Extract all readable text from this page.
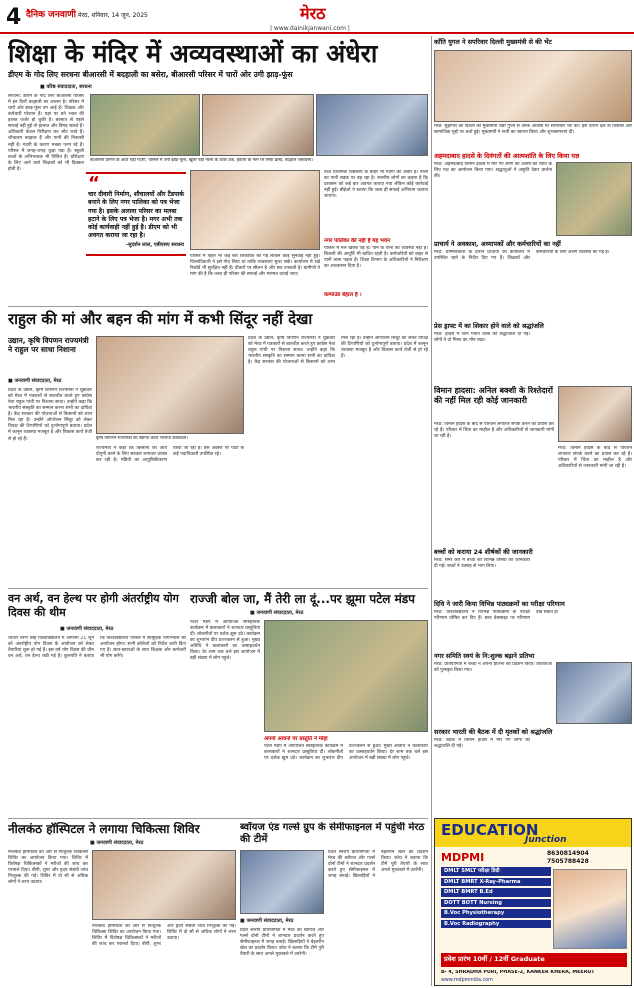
4 दैनिक जनवाणी मेरठ, शनिवार, 14 जून, 2025	मेरठ
| www.dainikjanwani.com |
शिक्षा के मंदिर में अव्यवस्थाओं का अंधेरा
डीएम के गोद लिए सरधना बीआरसी में बदहाली का बसेरा, बीआरसी परिसर में चारों ओर उगी झाड़-फूंस
■ वरिष्ठ संवाददाता, सरधना
सरधना: डीएम के गोद लिए बीआरसी परिसर में इन दिनों बदहाली का आलम है। परिसर में चारों ओर झाड़-फूंस उग आई है। शिक्षक और कर्मचारी परेशान हैं। यहां पर बने भवन की हालत जर्जर हो चुकी है। बरसात से पहले सफाई नहीं हुई तो हालात और बिगड़ सकते हैं। अधिकारी केवल निरीक्षण कर लौट जाते हैं। शौचालय बदहाल हैं और पानी की निकासी नहीं है। गंदगी के कारण मच्छर पनप रहे हैं। परिसर में जगह-जगह कूड़ा पड़ा है। स्कूली बच्चों के अभिभावक भी चिंतित हैं। प्रशिक्षण के लिए आने वाले शिक्षकों को भी दिक्कत होती है।
बीआरसी प्रांगण के अंदर पड़ी गंदगी, परिसर में उगी झाड़-फूंस, खुली पड़ी नाली के ऊपर टैंक, हैंडपंप के नाम पर सिर्फ ढांचा, बदहाल शौचालय।
“
चार दीवारी निर्माण, शौचालयों और टैंडपार्क बनाने के लिए नगर पालिका को पत्र भेजा गया है। इसके अलावा परिसर का मलबा हटाने के लिए पत्र भेजा है। मगर अभी तक कोई कार्यवाही नहीं हुई है। डीएम को भी अवगत कराया जा रहा है।
-सुदर्शन लाल, एबीएसए सरधना
परिसर में पहले भी कई बार शिकायत की गई लेकिन कोई सुनवाई नहीं हुई। जिलाधिकारी ने इसे गोद लिया था ताकि व्यवस्थाएं सुधर सकें। कार्यालय में रखे रिकॉर्ड भी सुरक्षित नहीं हैं। दीवारों पर सीलन है और छत टपकती है। ग्रामीणों ने मांग की है कि जल्द ही परिसर की सफाई और मरम्मत कराई जाए।
उच्च प्राथमिक विद्यालय के बाहर भी गंदगी का अंबार है। नाली का पानी सड़क पर बह रहा है। स्थानीय लोगों का कहना है कि प्रशासन को कई बार अवगत कराया गया लेकिन कोई कार्रवाई नहीं हुई। बीईओ ने बताया कि जल्द ही सफाई अभियान चलाया जाएगा।
नगर पालिका की नहीं है यह भवन
परिसर में नल खराब पड़े हैं। पीने के पानी की व्यवस्था नहीं है। बिजली की आपूर्ति भी बाधित रहती है। कर्मचारियों को बाहर से पानी लाना पड़ता है। शिक्षा विभाग के अधिकारियों ने निरीक्षण का आश्वासन दिया है।
कम्पाउंड बेहाल है ।
राहुल की मां और बहन की मांग में कभी सिंदूर नहीं देखा
उद्यान, कृषि विपणन राज्यमंत्री ने राहुल पर साधा निशाना
■ जनवाणी संवाददाता, मेरठ
प्रदेश के उद्यान, कृषि विपणन राज्यमंत्री ने शुक्रवार को मेरठ में पत्रकारों से बातचीत करते हुए कांग्रेस नेता राहुल गांधी पर निशाना साधा। उन्होंने कहा कि भारतीय संस्कृति का सम्मान करना सभी का दायित्व है। केंद्र सरकार की योजनाओं से किसानों को लाभ मिल रहा है। उन्होंने ऑपरेशन सिंदूर को लेकर विपक्ष की टिप्पणियों को दुर्भाग्यपूर्ण बताया। प्रदेश में कानून व्यवस्था मजबूत है और विकास कार्य तेजी से हो रहे हैं।	कृषि विपणन राज्यमंत्री का स्वागत करते भाजपा कार्यकर्ता।
राज्यमंत्री ने कहा कि किसानों की आय दोगुनी करने के लिए सरकार लगातार प्रयास कर रही है। मंडियों का आधुनिकीकरण किया जा रहा है। इस अवसर पर पार्टी के कई पदाधिकारी उपस्थित रहे।
प्रदेश के उद्यान, कृषि विपणन राज्यमंत्री ने शुक्रवार को मेरठ में पत्रकारों से बातचीत करते हुए कांग्रेस नेता राहुल गांधी पर निशाना साधा। उन्होंने कहा कि भारतीय संस्कृति का सम्मान करना सभी का दायित्व है। केंद्र सरकार की योजनाओं से किसानों को लाभ मिल रहा है। उन्होंने ऑपरेशन सिंदूर को लेकर विपक्ष की टिप्पणियों को दुर्भाग्यपूर्ण बताया। प्रदेश में कानून व्यवस्था मजबूत है और विकास कार्य तेजी से हो रहे हैं।
वन अर्थ, वन हेल्थ पर होगी अंतर्राष्ट्रीय योग दिवस की थीम
■ जनवाणी संवाददाता, मेरठ
चौधरी चरण सिंह विश्वविद्यालय में आगामी 21 जून को अंतर्राष्ट्रीय योग दिवस के आयोजन को लेकर तैयारियां शुरू हो गई हैं। इस वर्ष योग दिवस की थीम वन अर्थ, वन हेल्थ रखी गई है। कुलपति ने बताया कि विश्वविद्यालय परिसर में सामूहिक योगाभ्यास का आयोजन होगा। सभी कॉलेजों को निर्देश जारी किए गए हैं। छात्र-छात्राओं के साथ शिक्षक और कर्मचारी भी योग करेंगे।
राज्जी बोल जा, मैं तेरी ला दूं...पर झूमा पटेल मंडप
■ जनवाणी संवाददाता, मेरठ
पटेल मंडप में आयोजित सांस्कृतिक कार्यक्रम में कलाकारों ने शानदार प्रस्तुतियां दीं। लोकगीतों पर दर्शक झूम उठे। कार्यक्रम का शुभारंभ दीप प्रज्ज्वलन से हुआ। मुख्य अतिथि ने कलाकारों का उत्साहवर्धन किया। देर शाम तक चले इस आयोजन में बड़ी संख्या में लोग पहुंचे।
अपनों आवनों पर प्रस्तुति ने मोहा
पटेल मंडप में आयोजित सांस्कृतिक कार्यक्रम में कलाकारों ने शानदार प्रस्तुतियां दीं। लोकगीतों पर दर्शक झूम उठे। कार्यक्रम का शुभारंभ दीप प्रज्ज्वलन से हुआ। मुख्य अतिथि ने कलाकारों का उत्साहवर्धन किया। देर शाम तक चले इस आयोजन में बड़ी संख्या में लोग पहुंचे।
नीलकंठ हॉस्पिटल ने लगाया चिकित्सा शिविर
■ जनवाणी संवाददाता, मेरठ
नीलकंठ हॉस्पिटल की ओर से निःशुल्क चिकित्सा शिविर का आयोजन किया गया। शिविर में विशेषज्ञ चिकित्सकों ने मरीजों की जांच कर परामर्श दिया। बीपी, शुगर और हृदय संबंधी जांच निःशुल्क की गई। शिविर में दो सौ से अधिक लोगों ने लाभ उठाया।
नीलकंठ हॉस्पिटल की ओर से निःशुल्क चिकित्सा शिविर का आयोजन किया गया। शिविर में विशेषज्ञ चिकित्सकों ने मरीजों की जांच कर परामर्श दिया। बीपी, शुगर और हृदय संबंधी जांच निःशुल्क की गई। शिविर में दो सौ से अधिक लोगों ने लाभ उठाया।
ब्वॉयज एंड गर्ल्स ग्रुप के सेमीफाइनल में पहुंची मेरठ की टीमें
■ जनवाणी संवाददाता, मेरठ
प्रदेश स्तरीय प्रतियोगिता में मेरठ की ब्वॉयज और गर्ल्स दोनों टीमों ने शानदार प्रदर्शन करते हुए सेमीफाइनल में जगह बनाई। खिलाड़ियों ने बेहतरीन खेल का प्रदर्शन किया। कोच ने बताया कि टीमें पूरी तैयारी के साथ अगले मुकाबले में उतरेंगी।
प्रदेश स्तरीय प्रतियोगिता में मेरठ की ब्वॉयज और गर्ल्स दोनों टीमों ने शानदार प्रदर्शन करते हुए सेमीफाइनल में जगह बनाई। खिलाड़ियों ने बेहतरीन खेल का प्रदर्शन किया। कोच ने बताया कि टीमें पूरी तैयारी के साथ अगले मुकाबले में उतरेंगी।
काँति युगल ने सपरिवार दिल्ली मुख्यमंत्री से की भेंट
मेरठ: सुहागल की दिल्ली की मुख्यमंत्री रेखा गुप्ता से उनके आवास पर सपरिवार भेंट की। इस दौरान क्षेत्र के विकास और सामाजिक मुद्दों पर चर्चा हुई। मुख्यमंत्री ने सभी का स्वागत किया और शुभकामनाएं दीं।
अहमदाबाद हादसे के दिवंगतों की आत्मशांति के लिए किया यज्ञ
मेरठ: अहमदाबाद विमान हादसे में मारे गए लोगों की आत्मा की शांति के लिए यज्ञ का आयोजन किया गया। श्रद्धालुओं ने आहुति देकर प्रार्थना की।
प्राचार्य ने अवकाश, अध्यापकों और कर्मचारियों का नहीं
मेरठ: ग्रीष्मावकाश के दौरान प्राचार्यों को कार्यालय में उपस्थित रहने के निर्देश दिए गए हैं। शिक्षकों और कर्मचारियों के लिए अलग व्यवस्था की गई है।
प्रेस ड्राफ्ट में का शिकार होने वाले को श्रद्धांजलि
मेरठ: हादसे में जान गंवाने वालों को श्रद्धांजलि दी गई। लोगों ने दो मिनट का मौन रखा।
विमान हादसा: अनिल बक्शी के रिश्तेदारों की नहीं मिल रही कोई जानकारी
मेरठ: विमान हादसे के बाद से परिजन लगातार संपर्क करने का प्रयास कर रहे हैं। परिवार में चिंता का माहौल है और अधिकारियों से जानकारी मांगी जा रही है।
मेरठ: विमान हादसे के बाद से परिजन लगातार संपर्क करने का प्रयास कर रहे हैं। परिवार में चिंता का माहौल है और अधिकारियों से जानकारी मांगी जा रही है।
बच्चों को कराया 24 शीर्षकों की जानकारी
मेरठ: समर कैंप में बच्चों को विभिन्न विषयों की जानकारी दी गई। बच्चों ने उत्साह से भाग लिया।
दिवि ने जारी किया विभिन्न पाठ्यक्रमों का परीक्षा परिणाम
मेरठ: विश्वविद्यालय ने विभिन्न पाठ्यक्रमों के परीक्षा परिणाम घोषित कर दिए हैं। छात्र वेबसाइट पर परिणाम देख सकते हैं।
नगर समिति स्वयं के नि:शुल्क बढ़ाने प्रतिभा
मेरठ: प्रतियोगिता में बच्चों ने अपनी प्रतिभा का प्रदर्शन किया। विजेताओं को पुरस्कृत किया गया।
सरकार भारती की बैठक में दी मृतकों को श्रद्धांजलि
मेरठ: बैठक में विमान हादसे में मारे गए लोगों को श्रद्धांजलि दी गई।
EDUCATION
Junction
MDPMI	8630814904
7505788428
DMLT SMLT परीक्षा डिग्री
DMLT BMRT X-Ray-Pharma
DMLT BMRT B.Ed
DOTT BOTT Nursing
B.Voc Physiotherapy
B.Voc Radiography
प्रवेश प्रारंभ 10वीं / 12वीं Graduate
B- 4, SHRADHA PURI, PHASE-2, KANKER KHERA, MEERUT
www.mdpmindia.com
